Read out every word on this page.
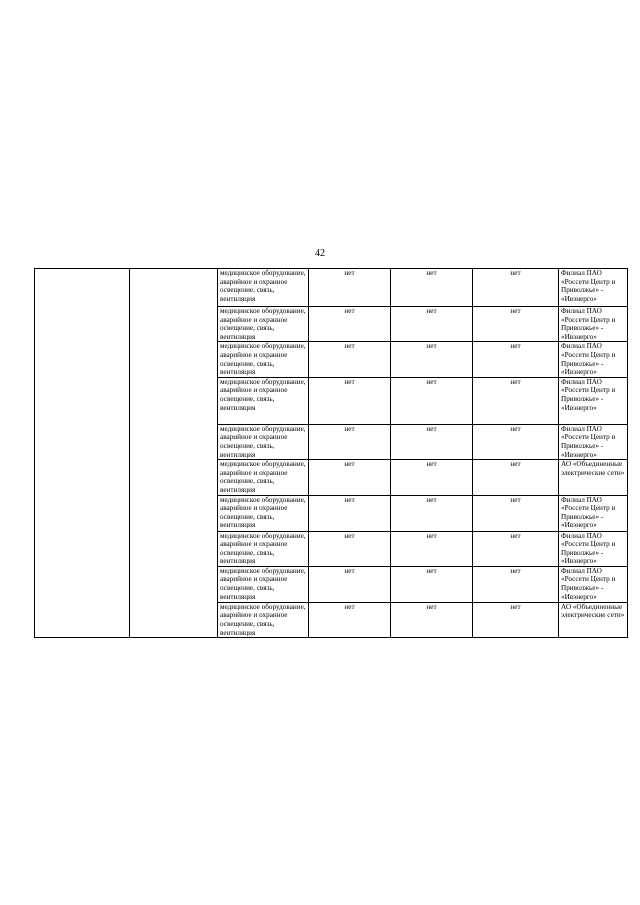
42
		медицинское оборудование, аварийное и охранное освещение, связь, вентиляция	нет	нет	нет	Филиал ПАО «Россети Центр и Приволжье» - «Ивэнерго»
		медицинское оборудование, аварийное и охранное освещение, связь, вентиляция	нет	нет	нет	Филиал ПАО «Россети Центр и Приволжье» - «Ивэнерго»
		медицинское оборудование, аварийное и охранное освещение, связь, вентиляция	нет	нет	нет	Филиал ПАО «Россети Центр и Приволжье» - «Ивэнерго»
		медицинское оборудование, аварийное и охранное освещение, связь, вентиляция	нет	нет	нет	Филиал ПАО «Россети Центр и Приволжье» - «Ивэнерго»
		медицинское оборудование, аварийное и охранное освещение, связь, вентиляция	нет	нет	нет	Филиал ПАО «Россети Центр и Приволжье» - «Ивэнерго»
		медицинское оборудование, аварийное и охранное освещение, связь, вентиляция	нет	нет	нет	АО «Объединенные электрические сети»
		медицинское оборудование, аварийное и охранное освещение, связь, вентиляция	нет	нет	нет	Филиал ПАО «Россети Центр и Приволжье» - «Ивэнерго»
		медицинское оборудование, аварийное и охранное освещение, связь, вентиляция	нет	нет	нет	Филиал ПАО «Россети Центр и Приволжье» - «Ивэнерго»
		медицинское оборудование, аварийное и охранное освещение, связь, вентиляция	нет	нет	нет	Филиал ПАО «Россети Центр и Приволжье» - «Ивэнерго»
		медицинское оборудование, аварийное и охранное освещение, связь, вентиляция	нет	нет	нет	АО «Объединенные электрические сети»
